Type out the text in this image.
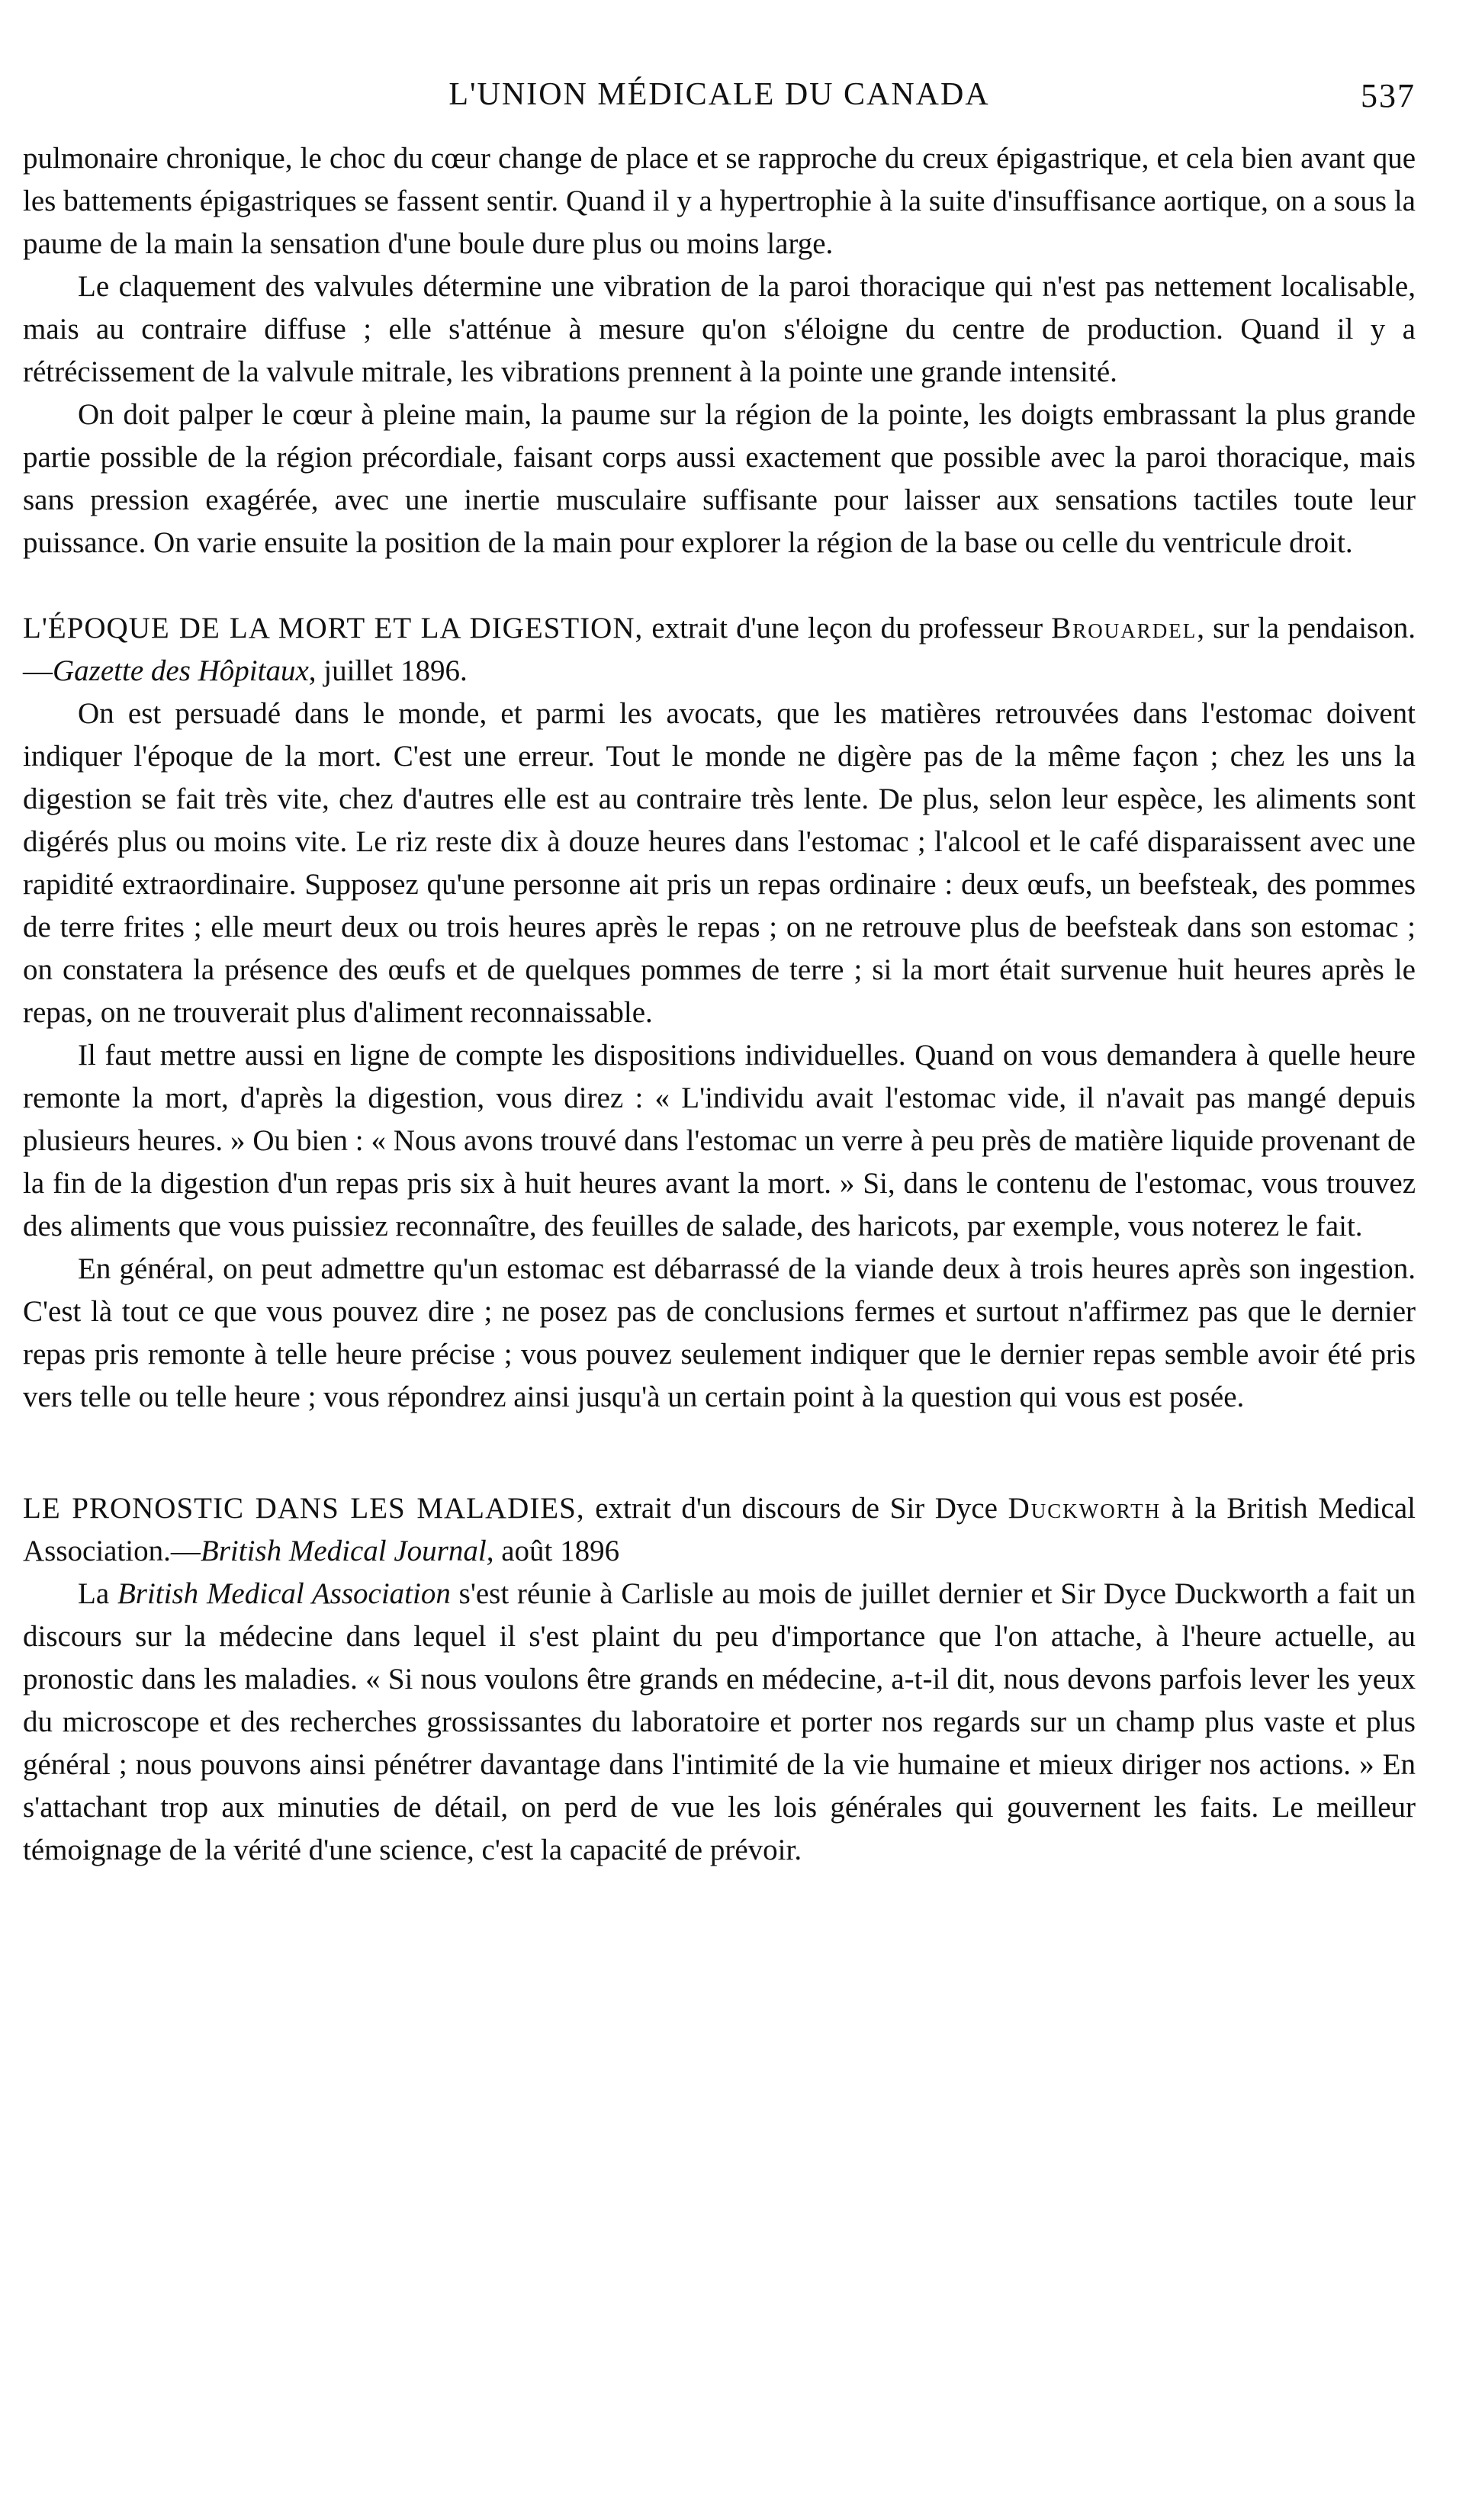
L'UNION MÉDICALE DU CANADA	537

pulmonaire chronique, le choc du cœur change de place et se rapproche du creux épigastrique, et cela bien avant que les battements épigastriques se fassent sentir. Quand il y a hypertrophie à la suite d'insuffisance aortique, on a sous la paume de la main la sensation d'une boule dure plus ou moins large.

Le claquement des valvules détermine une vibration de la paroi thoracique qui n'est pas nettement localisable, mais au contraire diffuse ; elle s'atténue à mesure qu'on s'éloigne du centre de production. Quand il y a rétrécissement de la valvule mitrale, les vibrations prennent à la pointe une grande intensité.

On doit palper le cœur à pleine main, la paume sur la région de la pointe, les doigts embrassant la plus grande partie possible de la région précordiale, faisant corps aussi exactement que possible avec la paroi thoracique, mais sans pression exagérée, avec une inertie musculaire suffisante pour laisser aux sensations tactiles toute leur puissance. On varie ensuite la position de la main pour explorer la région de la base ou celle du ventricule droit.

L'ÉPOQUE DE LA MORT ET LA DIGESTION, extrait d'une leçon du professeur Brouardel, sur la pendaison.—Gazette des Hôpitaux, juillet 1896.

On est persuadé dans le monde, et parmi les avocats, que les matières retrouvées dans l'estomac doivent indiquer l'époque de la mort. C'est une erreur. Tout le monde ne digère pas de la même façon ; chez les uns la digestion se fait très vite, chez d'autres elle est au contraire très lente. De plus, selon leur espèce, les aliments sont digérés plus ou moins vite. Le riz reste dix à douze heures dans l'estomac ; l'alcool et le café disparaissent avec une rapidité extraordinaire. Supposez qu'une personne ait pris un repas ordinaire : deux œufs, un beefsteak, des pommes de terre frites ; elle meurt deux ou trois heures après le repas ; on ne retrouve plus de beefsteak dans son estomac ; on constatera la présence des œufs et de quelques pommes de terre ; si la mort était survenue huit heures après le repas, on ne trouverait plus d'aliment reconnaissable.

Il faut mettre aussi en ligne de compte les dispositions individuelles. Quand on vous demandera à quelle heure remonte la mort, d'après la digestion, vous direz : « L'individu avait l'estomac vide, il n'avait pas mangé depuis plusieurs heures. » Ou bien : « Nous avons trouvé dans l'estomac un verre à peu près de matière liquide provenant de la fin de la digestion d'un repas pris six à huit heures avant la mort. » Si, dans le contenu de l'estomac, vous trouvez des aliments que vous puissiez reconnaître, des feuilles de salade, des haricots, par exemple, vous noterez le fait.

En général, on peut admettre qu'un estomac est débarrassé de la viande deux à trois heures après son ingestion. C'est là tout ce que vous pouvez dire ; ne posez pas de conclusions fermes et surtout n'affirmez pas que le dernier repas pris remonte à telle heure précise ; vous pouvez seulement indiquer que le dernier repas semble avoir été pris vers telle ou telle heure ; vous répondrez ainsi jusqu'à un certain point à la question qui vous est posée.

LE PRONOSTIC DANS LES MALADIES, extrait d'un discours de Sir Dyce Duckworth à la British Medical Association.—British Medical Journal, août 1896

La British Medical Association s'est réunie à Carlisle au mois de juillet dernier et Sir Dyce Duckworth a fait un discours sur la médecine dans lequel il s'est plaint du peu d'importance que l'on attache, à l'heure actuelle, au pronostic dans les maladies. « Si nous voulons être grands en médecine, a-t-il dit, nous devons parfois lever les yeux du microscope et des recherches grossissantes du laboratoire et porter nos regards sur un champ plus vaste et plus général ; nous pouvons ainsi pénétrer davantage dans l'intimité de la vie humaine et mieux diriger nos actions. » En s'attachant trop aux minuties de détail, on perd de vue les lois générales qui gouvernent les faits. Le meilleur témoignage de la vérité d'une science, c'est la capacité de prévoir.
